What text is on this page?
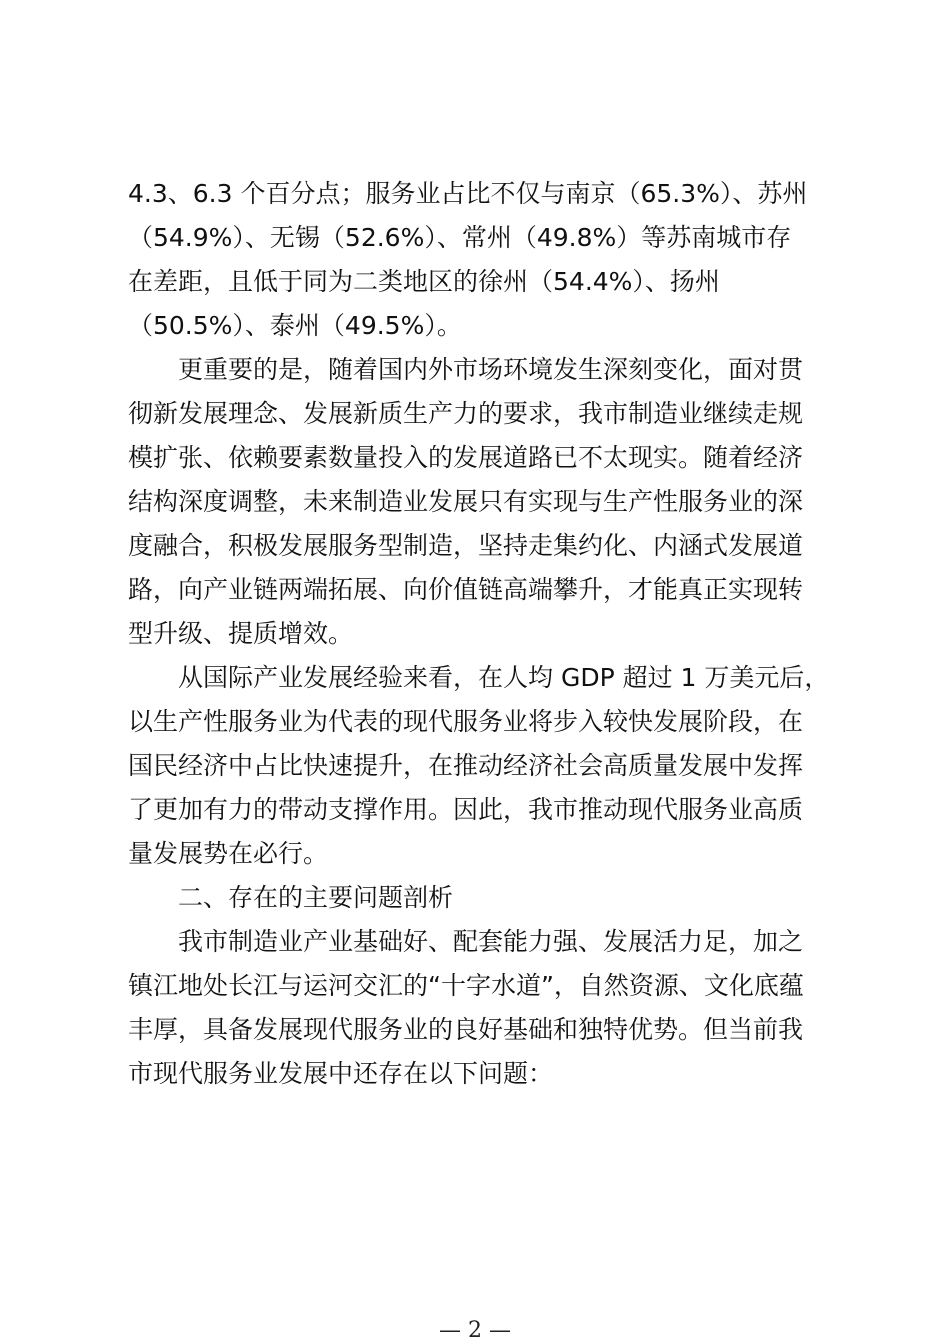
4.3、6.3 个百分点；服务业占比不仅与南京（65.3%）、苏州
（54.9%）、无锡（52.6%）、常州（49.8%）等苏南城市存
在差距，且低于同为二类地区的徐州（54.4%）、扬州
（50.5%）、泰州（49.5%）。
更重要的是，随着国内外市场环境发生深刻变化，面对贯
彻新发展理念、发展新质生产力的要求，我市制造业继续走规
模扩张、依赖要素数量投入的发展道路已不太现实。随着经济
结构深度调整，未来制造业发展只有实现与生产性服务业的深
度融合，积极发展服务型制造，坚持走集约化、内涵式发展道
路，向产业链两端拓展、向价值链高端攀升，才能真正实现转
型升级、提质增效。
从国际产业发展经验来看，在人均 GDP 超过 1 万美元后，
以生产性服务业为代表的现代服务业将步入较快发展阶段，在
国民经济中占比快速提升，在推动经济社会高质量发展中发挥
了更加有力的带动支撑作用。因此，我市推动现代服务业高质
量发展势在必行。
二、存在的主要问题剖析
我市制造业产业基础好、配套能力强、发展活力足，加之
镇江地处长江与运河交汇的“十字水道”，自然资源、文化底蕴
丰厚，具备发展现代服务业的良好基础和独特优势。但当前我
市现代服务业发展中还存在以下问题：
— 2 —
